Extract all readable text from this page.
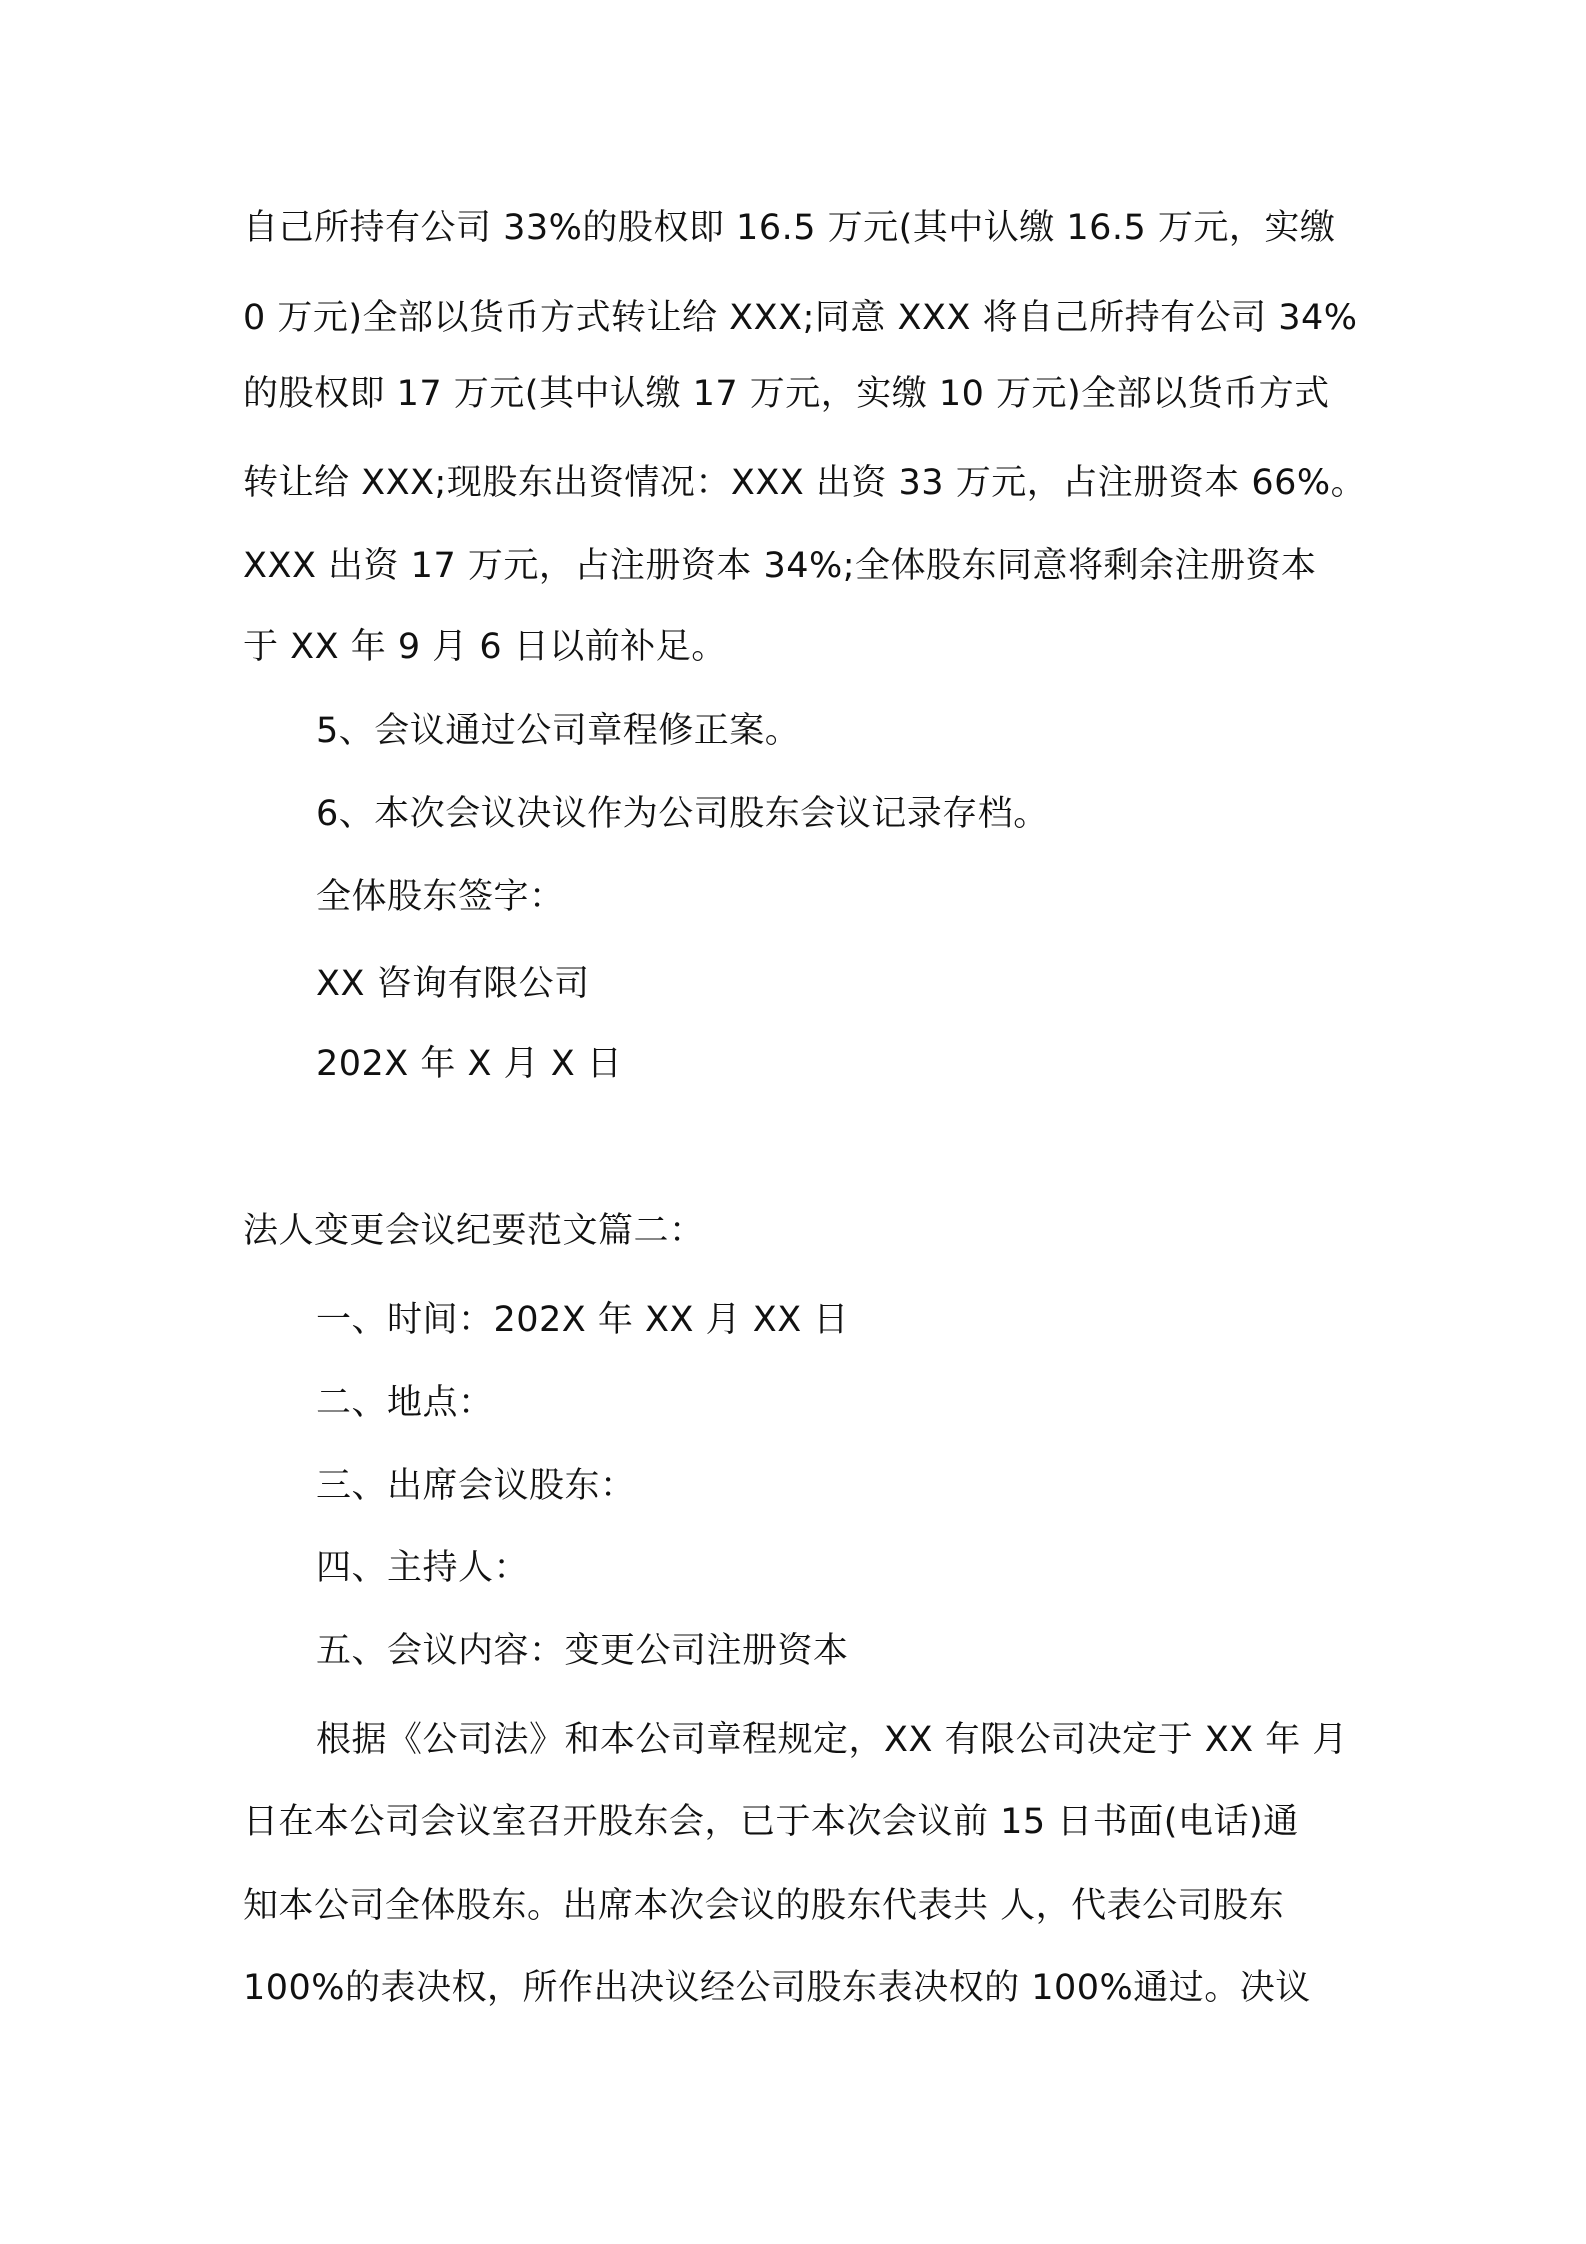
自己所持有公司 33%的股权即 16.5 万元(其中认缴 16.5 万元，实缴
0 万元)全部以货币方式转让给 XXX;同意 XXX 将自己所持有公司 34%
的股权即 17 万元(其中认缴 17 万元，实缴 10 万元)全部以货币方式
转让给 XXX;现股东出资情况：XXX 出资 33 万元，占注册资本 66%。
XXX 出资 17 万元，占注册资本 34%;全体股东同意将剩余注册资本
于 XX 年 9 月 6 日以前补足。
5、会议通过公司章程修正案。
6、本次会议决议作为公司股东会议记录存档。
全体股东签字：
XX 咨询有限公司
202X 年 X 月 X 日
法人变更会议纪要范文篇二：
一、时间：202X 年 XX 月 XX 日
二、地点：
三、出席会议股东：
四、主持人：
五、会议内容：变更公司注册资本
根据《公司法》和本公司章程规定，XX 有限公司决定于 XX 年 月
日在本公司会议室召开股东会，已于本次会议前 15 日书面(电话)通
知本公司全体股东。出席本次会议的股东代表共 人，代表公司股东
100%的表决权，所作出决议经公司股东表决权的 100%通过。决议
